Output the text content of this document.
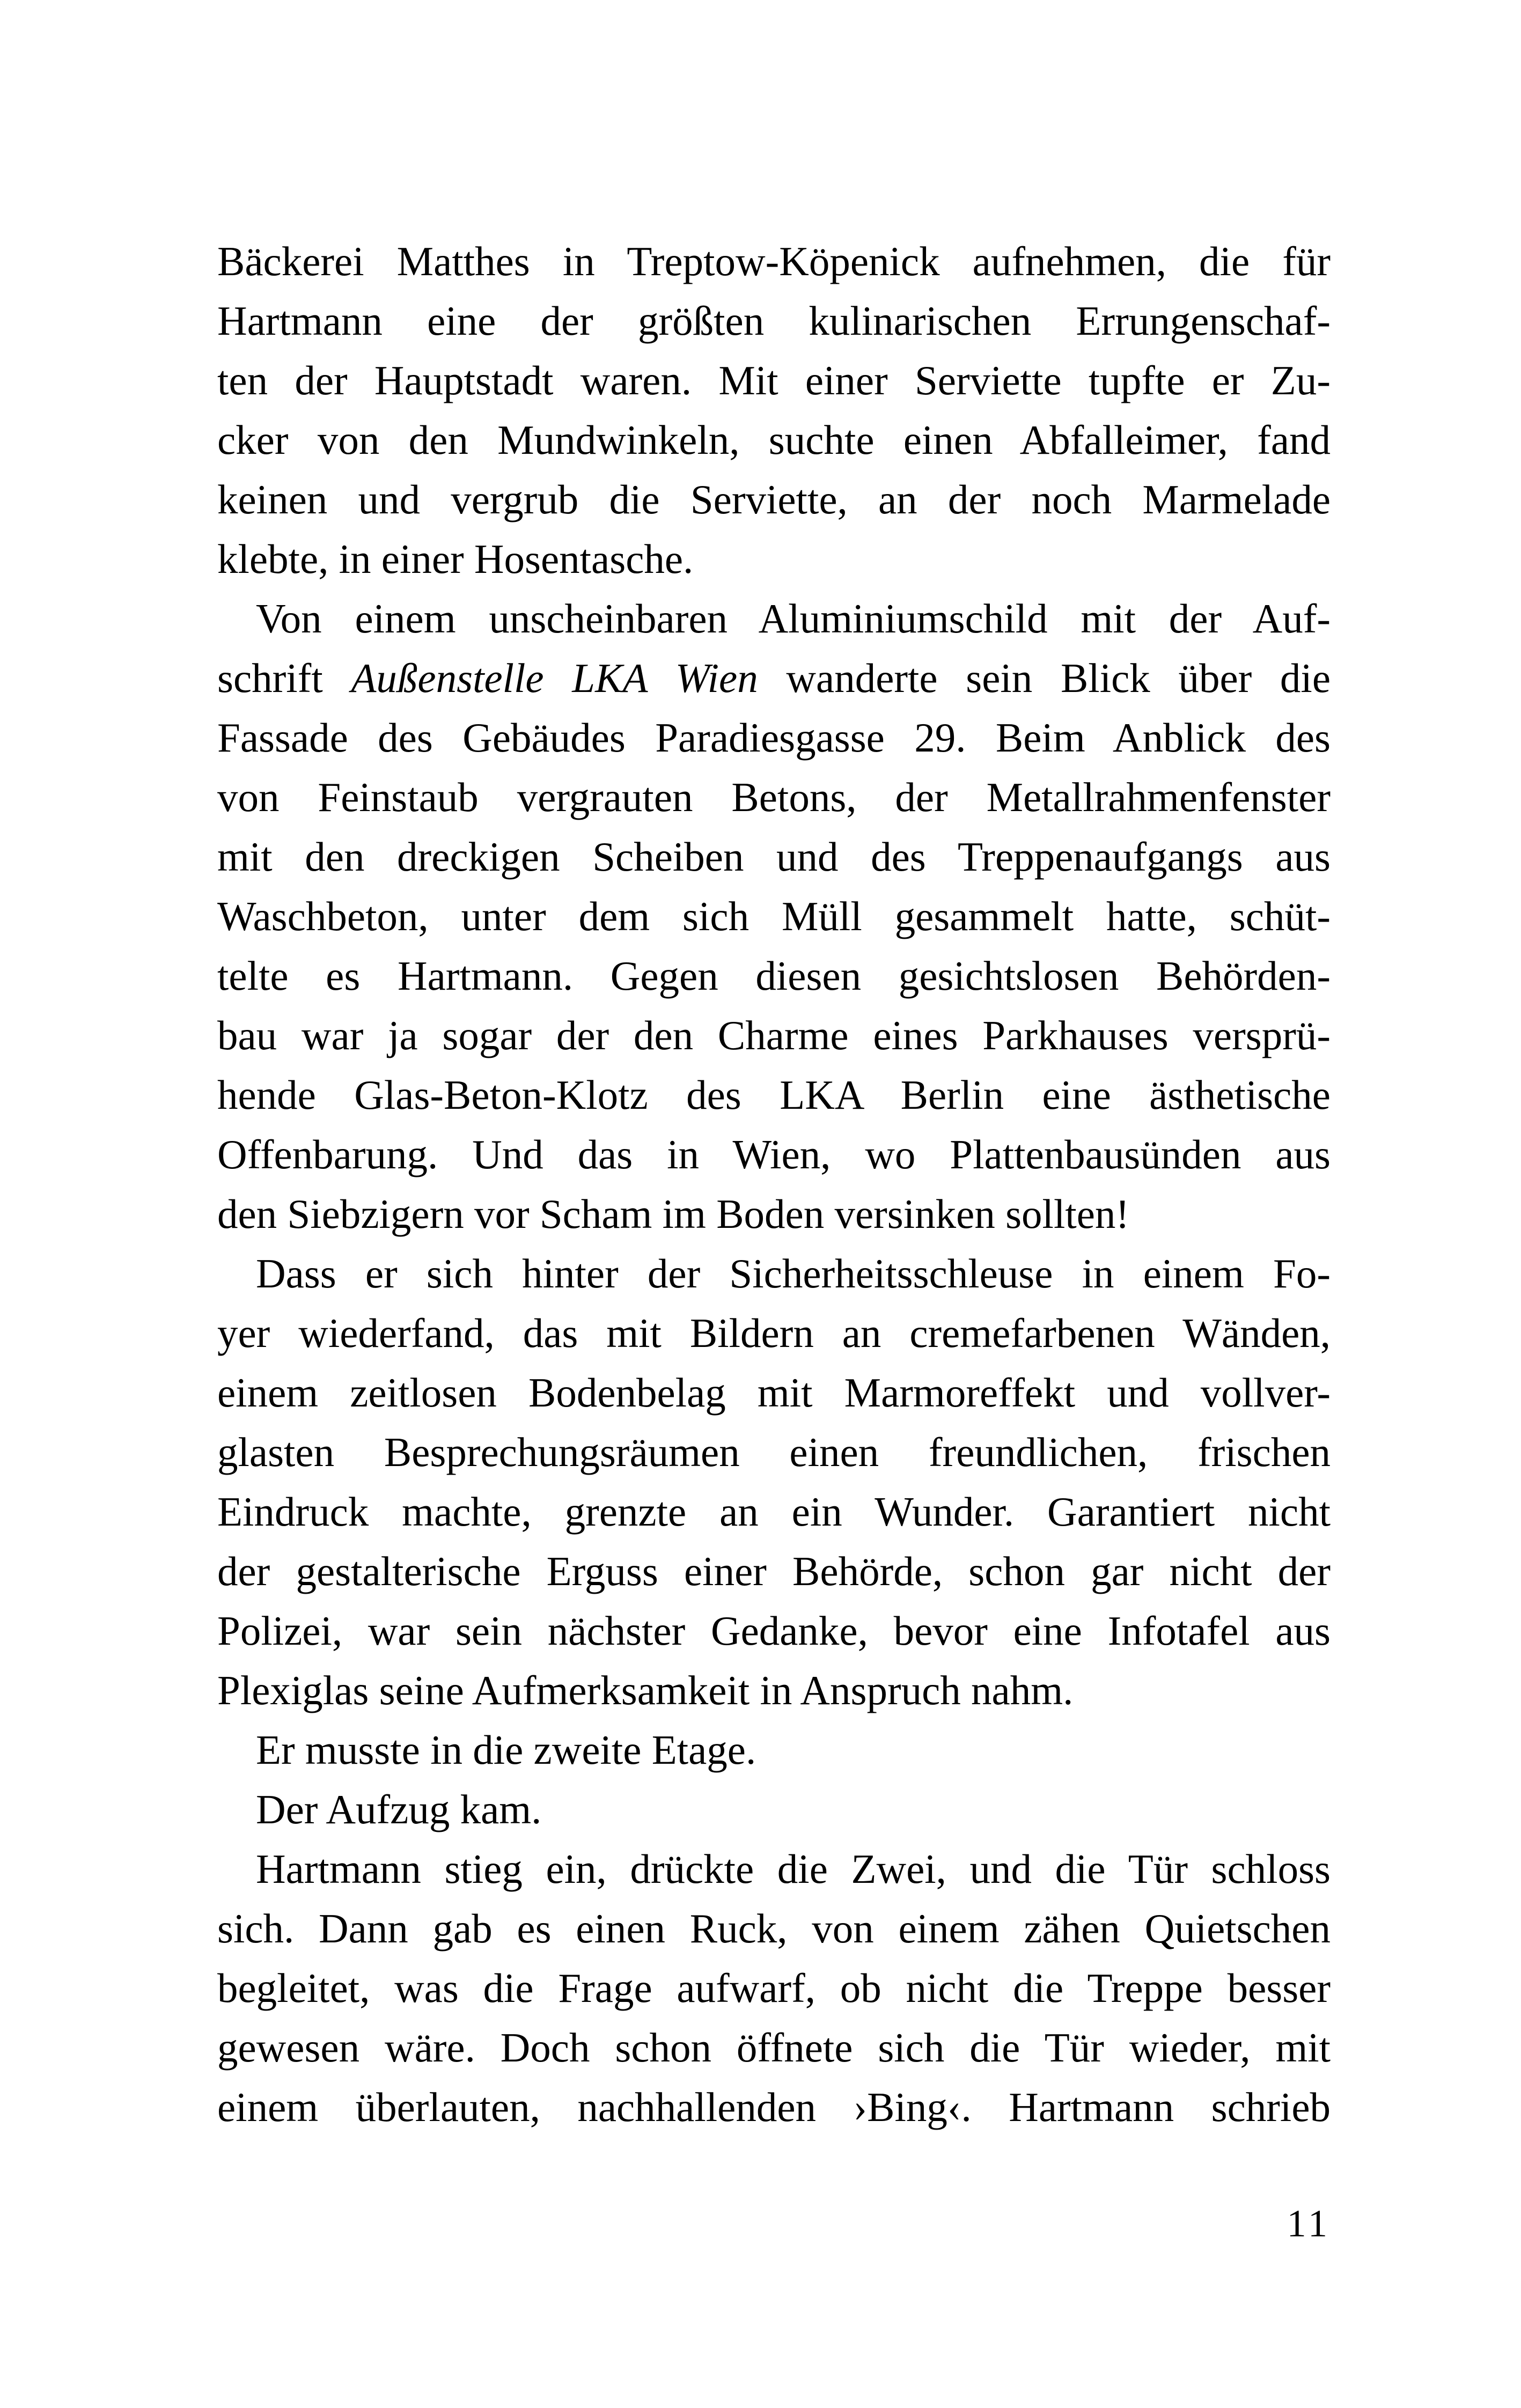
Bäckerei Matthes in Treptow-Köpenick aufnehmen, die für
Hartmann eine der größten kulinarischen Errungenschaf-
ten der Hauptstadt waren. Mit einer Serviette tupfte er Zu-
cker von den Mundwinkeln, suchte einen Abfalleimer, fand
keinen und vergrub die Serviette, an der noch Marmelade
klebte, in einer Hosentasche.
Von einem unscheinbaren Aluminiumschild mit der Auf-
schrift Außenstelle LKA Wien wanderte sein Blick über die
Fassade des Gebäudes Paradiesgasse 29. Beim Anblick des
von Feinstaub vergrauten Betons, der Metallrahmenfenster
mit den dreckigen Scheiben und des Treppenaufgangs aus
Waschbeton, unter dem sich Müll gesammelt hatte, schüt-
telte es Hartmann. Gegen diesen gesichtslosen Behörden-
bau war ja sogar der den Charme eines Parkhauses versprü-
hende Glas-Beton-Klotz des LKA Berlin eine ästhetische
Offenbarung. Und das in Wien, wo Plattenbausünden aus
den Siebzigern vor Scham im Boden versinken sollten!
Dass er sich hinter der Sicherheitsschleuse in einem Fo-
yer wiederfand, das mit Bildern an cremefarbenen Wänden,
einem zeitlosen Bodenbelag mit Marmoreffekt und vollver-
glasten Besprechungsräumen einen freundlichen, frischen
Eindruck machte, grenzte an ein Wunder. Garantiert nicht
der gestalterische Erguss einer Behörde, schon gar nicht der
Polizei, war sein nächster Gedanke, bevor eine Infotafel aus
Plexiglas seine Aufmerksamkeit in Anspruch nahm.
Er musste in die zweite Etage.
Der Aufzug kam.
Hartmann stieg ein, drückte die Zwei, und die Tür schloss
sich. Dann gab es einen Ruck, von einem zähen Quietschen
begleitet, was die Frage aufwarf, ob nicht die Treppe besser
gewesen wäre. Doch schon öffnete sich die Tür wieder, mit
einem überlauten, nachhallenden ›Bing‹. Hartmann schrieb
11
